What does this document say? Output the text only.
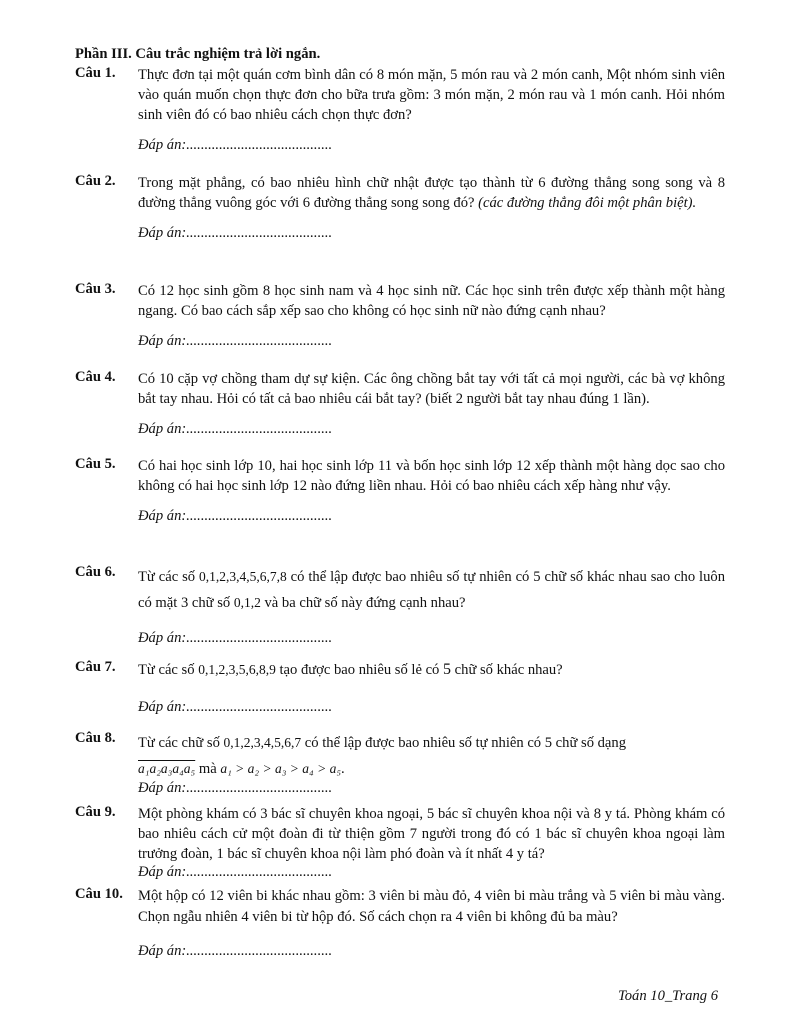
Phần III. Câu trắc nghiệm trả lời ngắn.
Câu 1.	Thực đơn tại một quán cơm bình dân có 8 món mặn, 5 món rau và 2 món canh, Một nhóm sinh viên vào quán muốn chọn thực đơn cho bữa trưa gồm: 3 món mặn, 2 món rau và 1 món canh. Hỏi nhóm sinh viên đó có bao nhiêu cách chọn thực đơn?
Đáp án:........................................
Câu 2.	Trong mặt phẳng, có bao nhiêu hình chữ nhật được tạo thành từ 6 đường thẳng song song và 8 đường thẳng vuông góc với 6 đường thẳng song song đó? (các đường thẳng đôi một phân biệt).
Đáp án:........................................
Câu 3.	Có 12 học sinh gồm 8 học sinh nam và 4 học sinh nữ. Các học sinh trên được xếp thành một hàng ngang. Có bao cách sắp xếp sao cho không có học sinh nữ nào đứng cạnh nhau?
Đáp án:........................................
Câu 4.	Có 10 cặp vợ chồng tham dự sự kiện. Các ông chồng bắt tay với tất cả mọi người, các bà vợ không bắt tay nhau. Hỏi có tất cả bao nhiêu cái bắt tay? (biết 2 người bắt tay nhau đúng 1 lần).
Đáp án:........................................
Câu 5.	Có hai học sinh lớp 10, hai học sinh lớp 11 và bốn học sinh lớp 12 xếp thành một hàng dọc sao cho không có hai học sinh lớp 12 nào đứng liền nhau. Hỏi có bao nhiêu cách xếp hàng như vậy.
Đáp án:........................................
Câu 6.	Từ các số 0,1,2,3,4,5,6,7,8 có thể lập được bao nhiêu số tự nhiên có 5 chữ số khác nhau sao cho luôn có mặt 3 chữ số 0,1,2 và ba chữ số này đứng cạnh nhau?
Đáp án:........................................
Câu 7.	Từ các số 0,1,2,3,5,6,8,9 tạo được bao nhiêu số lẻ có 5 chữ số khác nhau?
Đáp án:........................................
Câu 8.	Từ các chữ số 0,1,2,3,4,5,6,7 có thể lập được bao nhiêu số tự nhiên có 5 chữ số dạng
a₁a₂a₃a₄a₅ mà a₁ > a₂ > a₃ > a₄ > a₅.
Đáp án:........................................
Câu 9.	Một phòng khám có 3 bác sĩ chuyên khoa ngoại, 5 bác sĩ chuyên khoa nội và 8 y tá. Phòng khám có bao nhiêu cách cử một đoàn đi từ thiện gồm 7 người trong đó có 1 bác sĩ chuyên khoa ngoại làm trưởng đoàn, 1 bác sĩ chuyên khoa nội làm phó đoàn và ít nhất 4 y tá?
Đáp án:........................................
Câu 10.	Một hộp có 12 viên bi khác nhau gồm: 3 viên bi màu đỏ, 4 viên bi màu trắng và 5 viên bi màu vàng. Chọn ngẫu nhiên 4 viên bi từ hộp đó. Số cách chọn ra 4 viên bi không đủ ba màu?
Đáp án:........................................
Toán 10_Trang 6
